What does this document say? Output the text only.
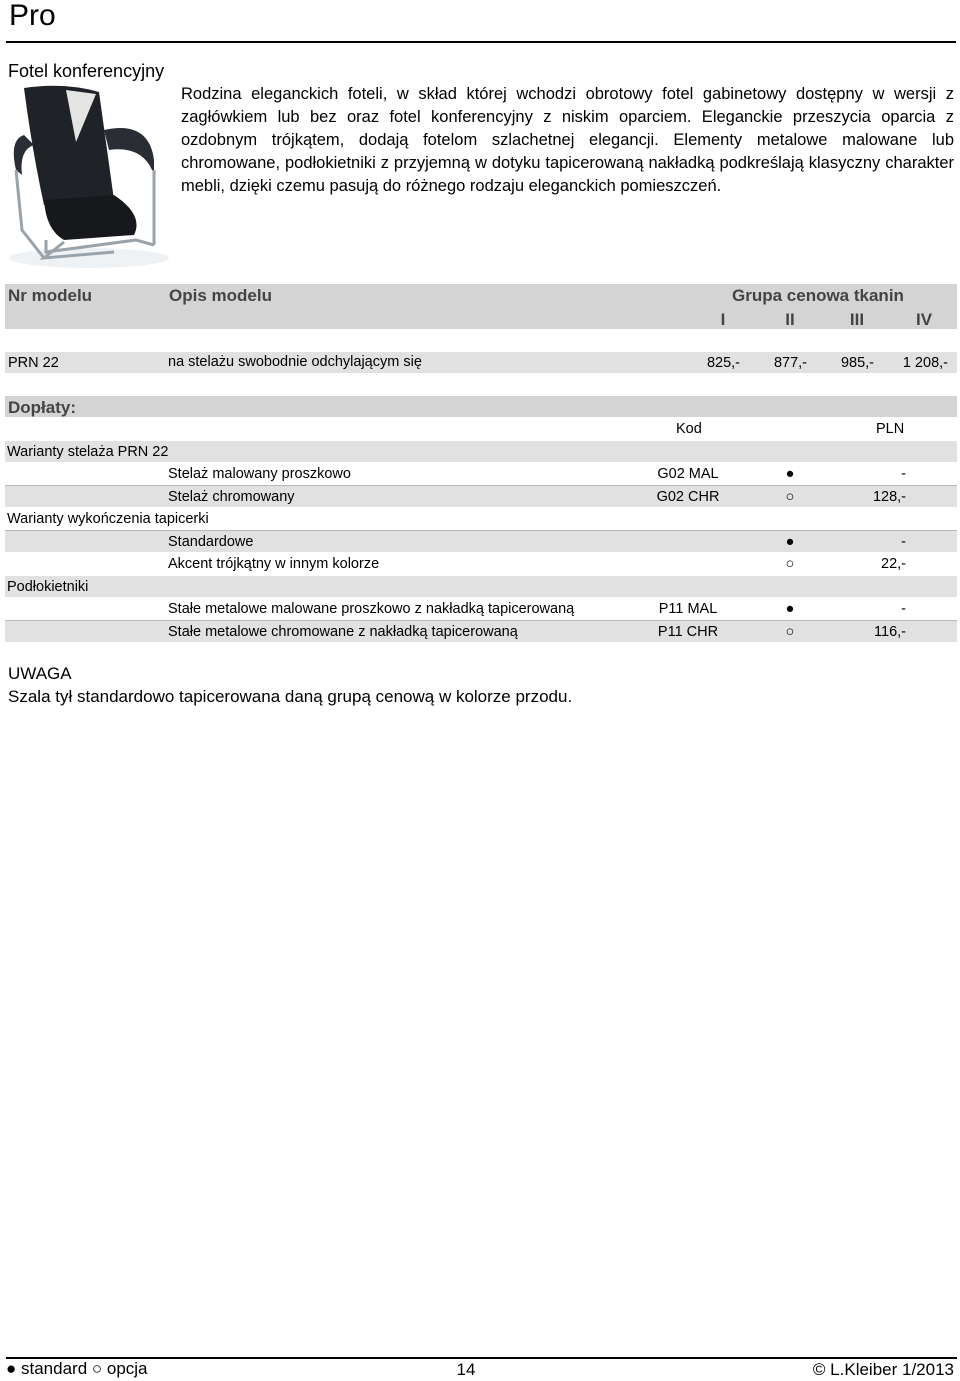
Pro
Fotel konferencyjny
Rodzina eleganckich foteli, w skład której wchodzi obrotowy fotel gabinetowy dostępny w wersji z zagłówkiem lub bez oraz fotel konferencyjny z niskim oparciem. Eleganckie przeszycia oparcia z ozdobnym trójkątem, dodają fotelom szlachetnej elegancji. Elementy metalowe malowane lub chromowane, podłokietniki z przyjemną w dotyku tapicerowaną nakładką podkreślają klasyczny charakter mebli, dzięki czemu pasują do różnego rodzaju eleganckich pomieszczeń.
Nr modelu	Opis modelu	Grupa cenowa tkanin
I	II	III	IV
PRN 22	na stelażu swobodnie odchylającym się	825,-	877,-	985,-	1 208,-
Dopłaty:
Kod	PLN
Warianty stelaża PRN 22
Stelaż malowany proszkowo	G02 MAL	●	-
Stelaż chromowany	G02 CHR	○	128,-
Warianty wykończenia tapicerki
Standardowe	●	-
Akcent trójkątny w innym kolorze	○	22,-
Podłokietniki
Stałe metalowe malowane proszkowo z nakładką tapicerowaną	P11 MAL	●	-
Stałe metalowe chromowane z nakładką tapicerowaną	P11 CHR	○	116,-
UWAGA
Szala tył standardowo tapicerowana daną grupą cenową w kolorze przodu.
● standard ○ opcja	14	© L.Kleiber 1/2013
